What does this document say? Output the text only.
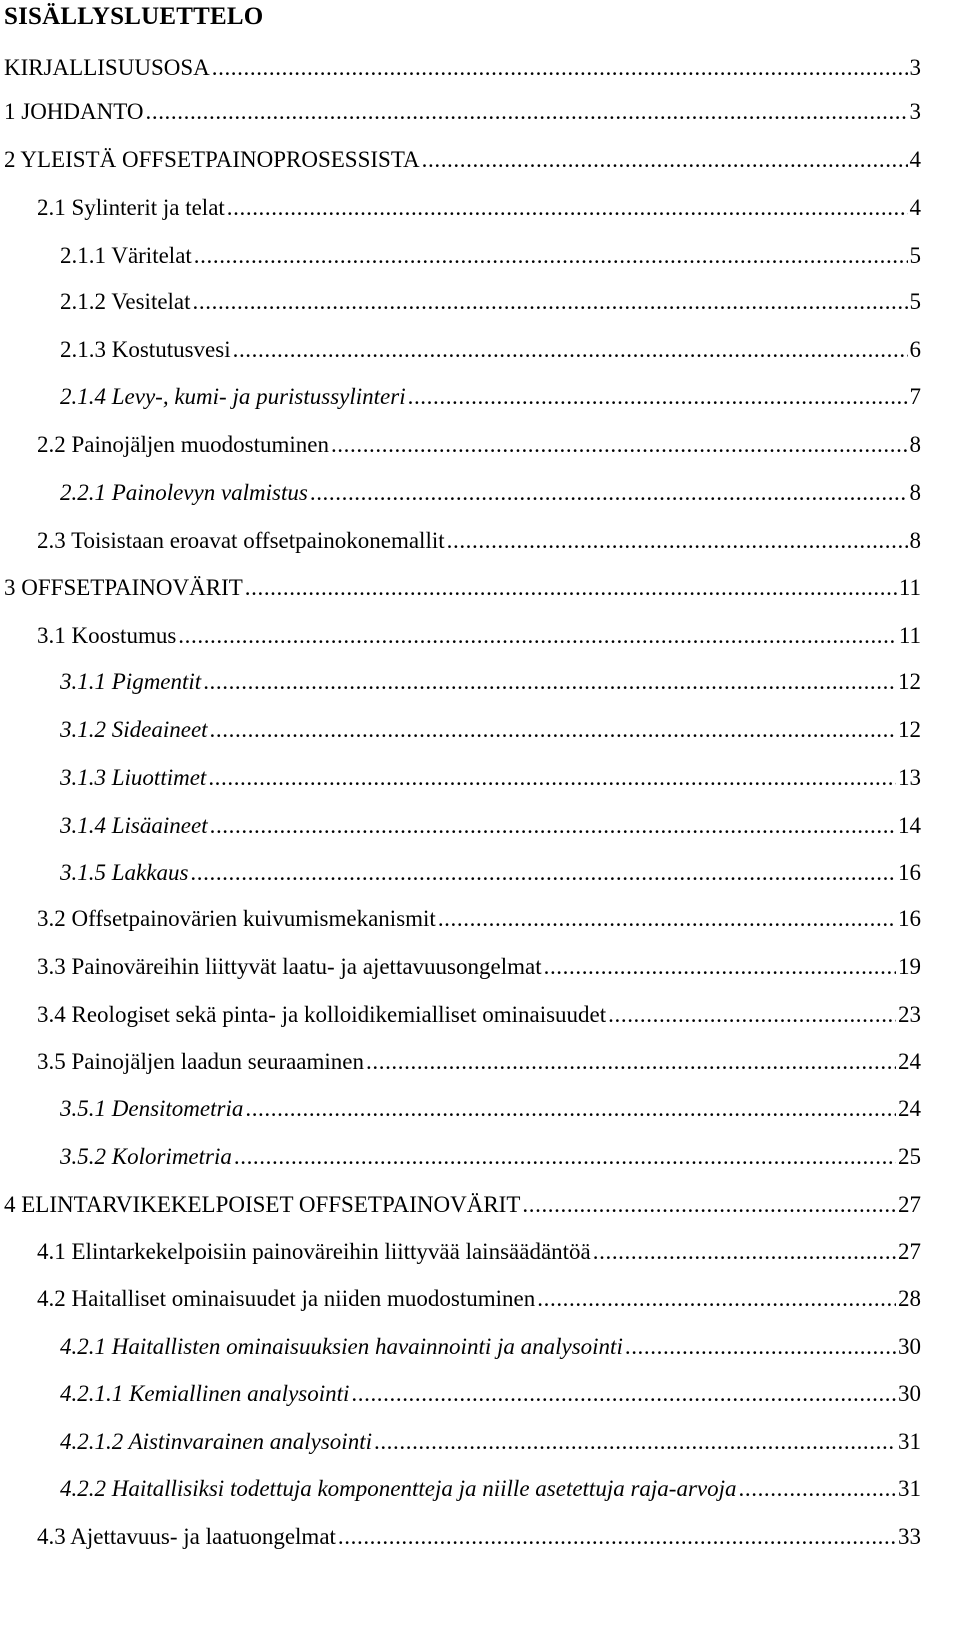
SISÄLLYSLUETTELO
KIRJALLISUUSOSA .....	3
1 JOHDANTO .....	3
2 YLEISTÄ OFFSETPAINOPROSESSISTA .....	4
2.1 Sylinterit ja telat .....	4
2.1.1 Väritelat .....	5
2.1.2 Vesitelat .....	5
2.1.3 Kostutusvesi .....	6
2.1.4 Levy-, kumi- ja puristussylinteri .....	7
2.2 Painojäljen muodostuminen .....	8
2.2.1 Painolevyn valmistus .....	8
2.3 Toisistaan eroavat offsetpainokonemallit .....	8
3 OFFSETPAINOVÄRIT .....	11
3.1 Koostumus .....	11
3.1.1 Pigmentit .....	12
3.1.2 Sideaineet .....	12
3.1.3 Liuottimet .....	13
3.1.4 Lisäaineet .....	14
3.1.5 Lakkaus .....	16
3.2 Offsetpainovärien kuivumismekanismit .....	16
3.3 Painoväreihin liittyvät laatu- ja ajettavuusongelmat .....	19
3.4 Reologiset sekä pinta- ja kolloidikemialliset ominaisuudet .....	23
3.5 Painojäljen laadun seuraaminen .....	24
3.5.1 Densitometria .....	24
3.5.2 Kolorimetria .....	25
4 ELINTARVIKEKELPOISET OFFSETPAINOVÄRIT .....	27
4.1 Elintarkekelpoisiin painoväreihin liittyvää lainsäädäntöä .....	27
4.2 Haitalliset ominaisuudet ja niiden muodostuminen .....	28
4.2.1 Haitallisten ominaisuuksien havainnointi ja analysointi .....	30
4.2.1.1 Kemiallinen analysointi .....	30
4.2.1.2 Aistinvarainen analysointi .....	31
4.2.2 Haitallisiksi todettuja komponentteja ja niille asetettuja raja-arvoja .....	31
4.3 Ajettavuus- ja laatuongelmat .....	33
